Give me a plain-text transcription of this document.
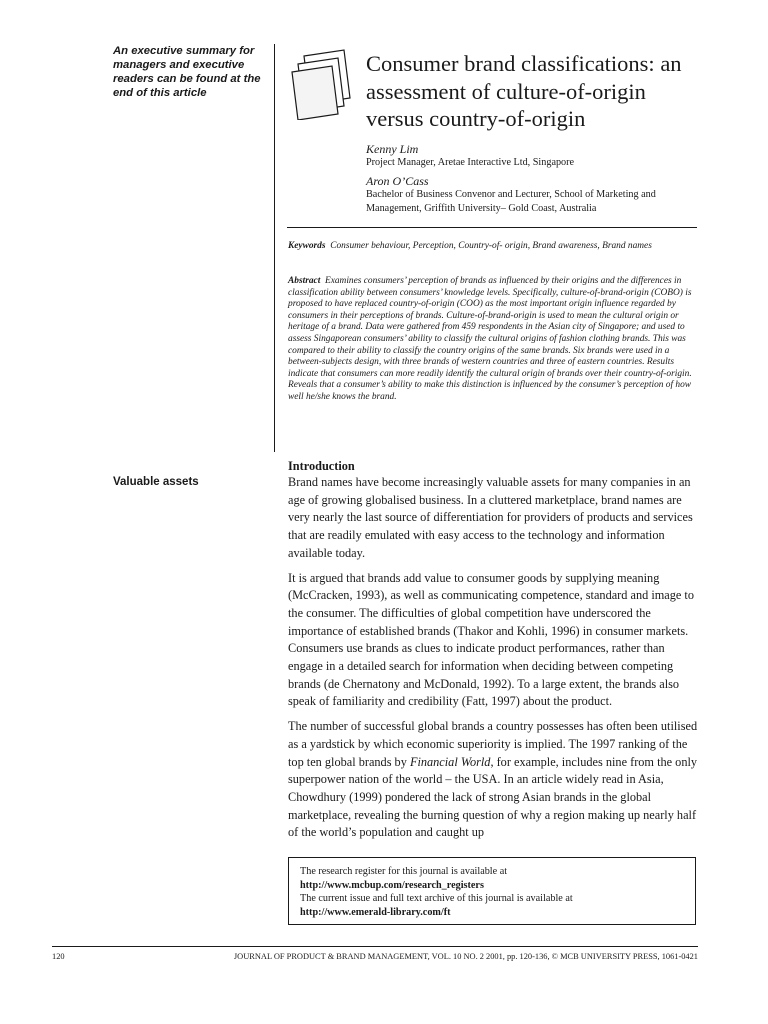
An executive summary for managers and executive readers can be found at the end of this article
Consumer brand classifications: an assessment of culture-of-origin versus country-of-origin
Kenny Lim
Project Manager, Aretae Interactive Ltd, Singapore
Aron O’Cass
Bachelor of Business Convenor and Lecturer, School of Marketing and Management, Griffith University– Gold Coast, Australia
Keywords Consumer behaviour, Perception, Country-of- origin, Brand awareness, Brand names
Abstract Examines consumers’ perception of brands as influenced by their origins and the differences in classification ability between consumers’ knowledge levels. Specifically, culture-of-brand-origin (COBO) is proposed to have replaced country-of-origin (COO) as the most important origin influence regarded by consumers in their perceptions of brands. Culture-of-brand-origin is used to mean the cultural origin or heritage of a brand. Data were gathered from 459 respondents in the Asian city of Singapore; and used to assess Singaporean consumers’ ability to classify the cultural origins of fashion clothing brands. This was compared to their ability to classify the country origins of the same brands. Six brands were used in a between-subjects design, with three brands of western countries and three of eastern countries. Results indicate that consumers can more readily identify the cultural origin of brands over their country-of-origin. Reveals that a consumer’s ability to make this distinction is influenced by the consumer’s perception of how well he/she knows the brand.
Valuable assets
Introduction

Brand names have become increasingly valuable assets for many companies in an age of growing globalised business. In a cluttered marketplace, brand names are very nearly the last source of differentiation for providers of products and services that are readily emulated with easy access to the technology and information available today.

It is argued that brands add value to consumer goods by supplying meaning (McCracken, 1993), as well as communicating competence, standard and image to the consumer. The difficulties of global competition have underscored the importance of established brands (Thakor and Kohli, 1996) in consumer markets. Consumers use brands as clues to indicate product performances, rather than engage in a detailed search for information when deciding between competing brands (de Chernatony and McDonald, 1992). To a large extent, the brands also speak of familiarity and credibility (Fatt, 1997) about the product.

The number of successful global brands a country possesses has often been utilised as a yardstick by which economic superiority is implied. The 1997 ranking of the top ten global brands by Financial World, for example, includes nine from the only superpower nation of the world – the USA. In an article widely read in Asia, Chowdhury (1999) pondered the lack of strong Asian brands in the global marketplace, revealing the burning question of why a region making up nearly half of the world’s population and caught up

The research register for this journal is available at
http://www.mcbup.com/research_registers
The current issue and full text archive of this journal is available at
http://www.emerald-library.com/ft
120	JOURNAL OF PRODUCT & BRAND MANAGEMENT, VOL. 10 NO. 2 2001, pp. 120-136, © MCB UNIVERSITY PRESS, 1061-0421
